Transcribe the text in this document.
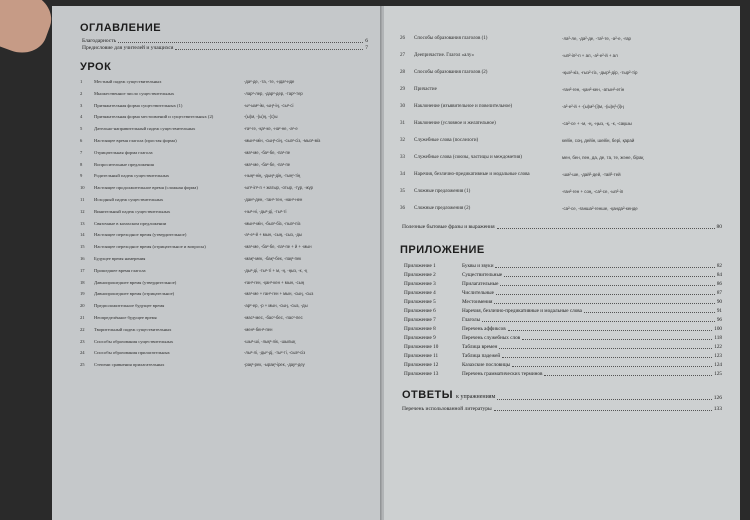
ОГЛАВЛЕНИЕ
Благодарность	6
Предисловие для учителей и учащихся	7
УРОК
1	Местный падеж существительных	-дa²-дe, -тa, -тe, -нда²-нде
2	Множественное число существительных	-лap²-лep, -дap²-дep, -тap²-тep
3	Притяжательная форма существительных (1)	-ы²-ым²-ім, -ың²-ің, -сы²-сі
4	Притяжательная форма местоимений и существительных (2)	-(ы)м, -(ы)ң, -(с)ы
5	Дательно-направительный падеж существительных	-ғa²-ге, -қa²-ке, -нa²-не, -a²-е
6	Настоящее время глагола (простая форма)	-мын²-мін, -сың²-сің, -сыз²-сіз, -мыз²-міз
7	Отрицательная форма глагола	-ма²-ме, -ба²-бе, -па²-пе
8	Вопросительные предложения	-ма²-ме, -ба²-бе, -па²-пе
9	Родительный падеж существительных	-ның²-нің, -дың²-дің, -тың²-тің
10	Настоящее продолжительное время (сложная форма)	-ып²-іп²-п + жатыр, -отыр, -тұр, -жүр
11	Исходный падеж существительных	-дан²-ден, -тан²-тен, -нан²-нен
12	Винительный падеж существительных	-ны²-ні, -ды²-ді, -ты²-ті
13	Связочные в казахском предложении	-мын²-мін, -быз²-біз, -пыз²-піз
14	Настоящее переходное время (утвердительное)	-а²-е²-й + мын, -сың, -сыз, -ды
15	Настоящее переходное время (отрицательное и вопросы)	-ма²-ме, -ба²-бе, -па²-пе + й + -мын
16	Будущее время намерения	-мақ²-мек, -бақ²-бек, -пақ²-пек
17	Прошедшее время глагола	-ды²-ді, -ты²-ті + м, -ң, -ңыз, -к, -қ
18	Давнопрошедшее время (утвердительное)	-ған²-ген, -қан²-кен + мын, -сың
19	Давнопрошедшее время (отрицательное)	-ма²-ме + ған²-ген + мын, -сың, -сыз
20	Предположительное будущее время	-ар²-ер, -р + мын, -сың, -сыз, -ды
21	Неопределённое будущее время	-мас²-мес, -бас²-бес, -пас²-пес
22	Творительный падеж существительных	-мен²-бен²-пен
23	Способы образования существительных	-шы²-ші, -лық²-лік, -шылық
24	Способы образования прилагательных	-лы²-лі, -ды²-ді, -ты²-ті, -сыз²-сіз
25	Степени сравнения прилагательных	-рақ²-рек, -ырақ²-ірек, -дау²-деу
26	Способы образования глаголов (1)	-ла²-ле, -да²-де, -та²-те, -а²-е, -ғар
27	Деепричастие. Глагол «алу»	-ып²-іп²-п + ал, -а²-е²-й + ал
28	Способы образования глаголов (2)	-қыз²-кіз, -ғыз²-гіз, -дыр²-дір, -тыр²-тір
29	Причастие	-ған²-ген, -қан²-кен, -атын²-етін
30	Наклонение (изъявительное и повелительное)	-а²-е²-й + -(ы)м²-(і)м, -(ы)ң²-(і)ң
31	Наклонение (условное и желательное)	-са²-се + -м, -ң, -ңыз, -қ, -к, -сақшы
32	Служебные слова (послелоги)	кейін, соң, дейін, шейін, бері, қарай
33	Служебные слова (союзы, частицы и междометия)	мен, бен, пен, да, де, та, те, және, бірақ
34	Наречия, безлично-предикативные и модальные слова	-ша²-ше, -дай²-дей, -тай²-тей
35	Сложные предложения (1)	-ған²-ген + соң, -са²-се, -ып²-іп
36	Сложные предложения (2)	-са²-се, -ғанша²-генше, -қанда²-кенде
Полезные бытовые фразы и выражения	80
ПРИЛОЖЕНИЕ
Приложение 1	Буквы и звуки	82
Приложение 2	Существительные	84
Приложение 3	Прилагательные	86
Приложение 4	Числительные	87
Приложение 5	Местоимения	90
Приложение 6	Наречия, безлично-предикативные и модальные слова	91
Приложение 7	Глаголы	96
Приложение 8	Перечень аффиксов	100
Приложение 9	Перечень служебных слов	118
Приложение 10	Таблица времен	122
Приложение 11	Таблица падежей	123
Приложение 12	Казахские пословицы	124
Приложение 13	Перечень грамматических терминов	125
ОТВЕТЫ к упражнениям	126
Перечень использованной литературы	133
